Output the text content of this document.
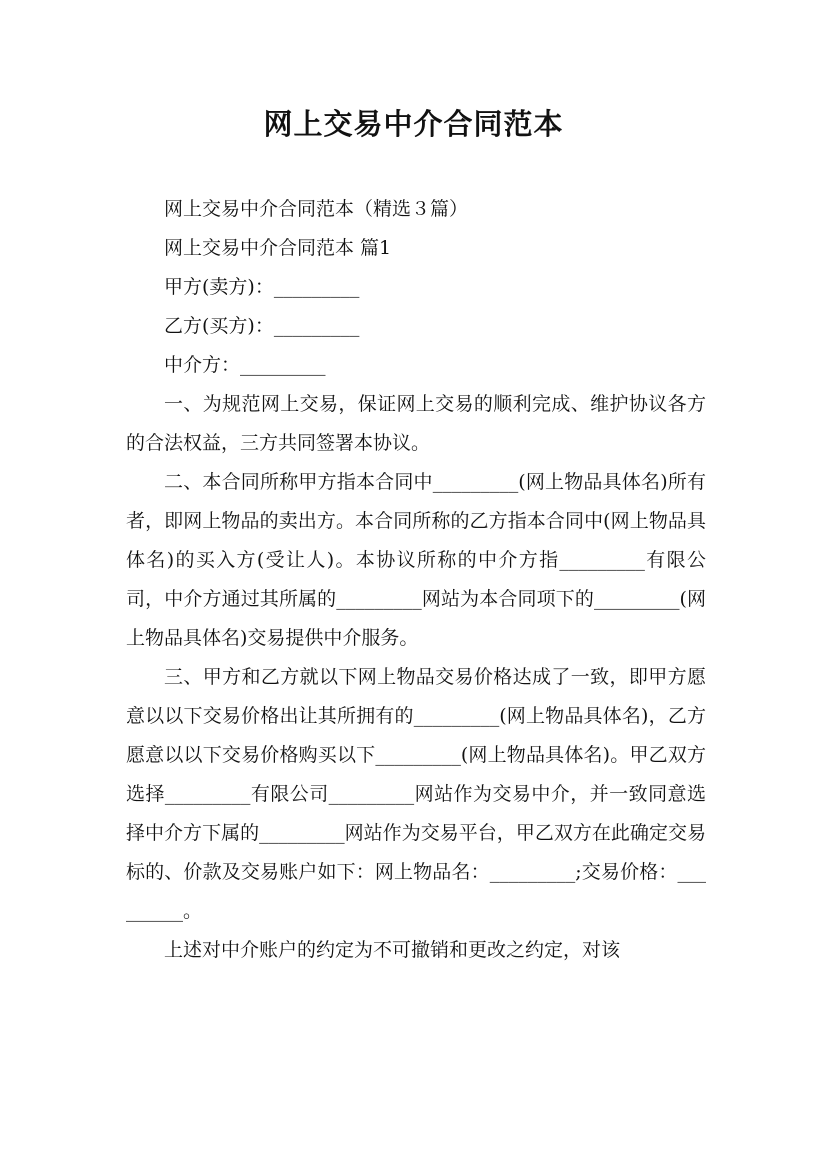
网上交易中介合同范本

网上交易中介合同范本（精选３篇）

网上交易中介合同范本 篇1

甲方(卖方)：_________

乙方(买方)：_________

中介方：_________

一、为规范网上交易，保证网上交易的顺利完成、维护协议各方的合法权益，三方共同签署本协议。

二、本合同所称甲方指本合同中_________(网上物品具体名)所有者，即网上物品的卖出方。本合同所称的乙方指本合同中(网上物品具体名)的买入方(受让人)。本协议所称的中介方指_________有限公司，中介方通过其所属的_________网站为本合同项下的_________(网上物品具体名)交易提供中介服务。

三、甲方和乙方就以下网上物品交易价格达成了一致，即甲方愿意以以下交易价格出让其所拥有的_________(网上物品具体名)，乙方愿意以以下交易价格购买以下_________(网上物品具体名)。甲乙双方选择_________有限公司_________网站作为交易中介，并一致同意选择中介方下属的_________网站作为交易平台，甲乙双方在此确定交易标的、价款及交易账户如下：网上物品名：_________;交易价格：_________。

上述对中介账户的约定为不可撤销和更改之约定，对该
